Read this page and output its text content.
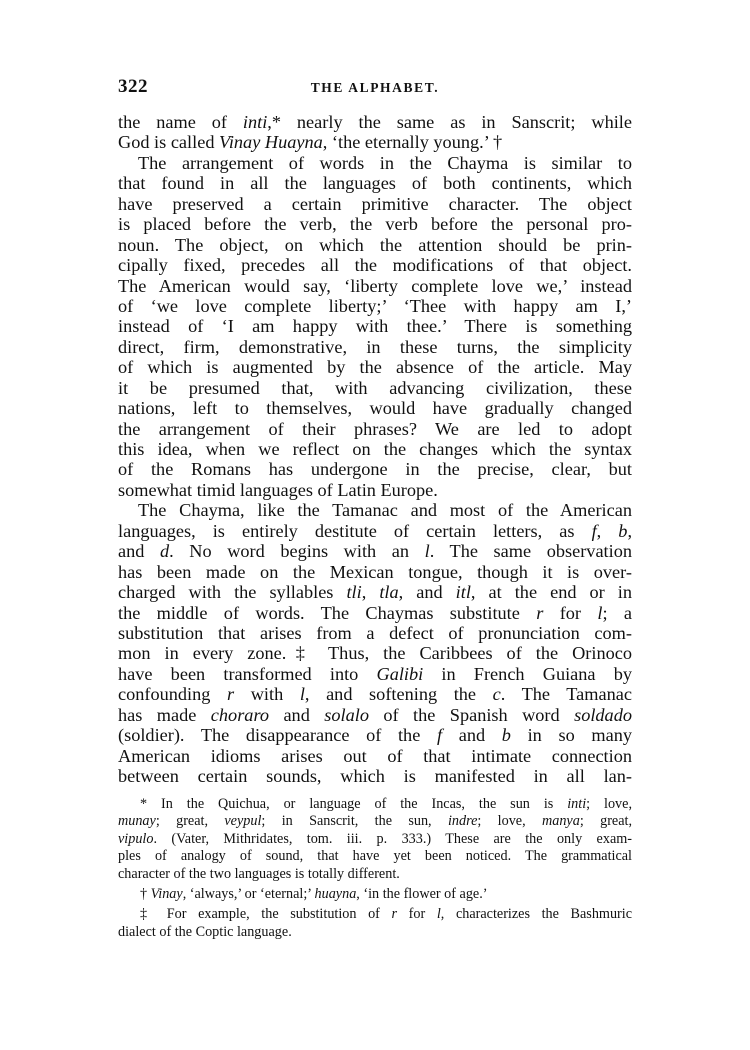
322	THE ALPHABET.
the name of inti,* nearly the same as in Sanscrit; while
God is called Vinay Huayna, ‘the eternally young.’ †
The arrangement of words in the Chayma is similar to
that found in all the languages of both continents, which
have preserved a certain primitive character. The object
is placed before the verb, the verb before the personal pro-
noun. The object, on which the attention should be prin-
cipally fixed, precedes all the modifications of that object.
The American would say, ‘liberty complete love we,’ instead
of ‘we love complete liberty;’ ‘Thee with happy am I,’
instead of ‘I am happy with thee.’ There is something
direct, firm, demonstrative, in these turns, the simplicity
of which is augmented by the absence of the article. May
it be presumed that, with advancing civilization, these
nations, left to themselves, would have gradually changed
the arrangement of their phrases? We are led to adopt
this idea, when we reflect on the changes which the syntax
of the Romans has undergone in the precise, clear, but
somewhat timid languages of Latin Europe.
The Chayma, like the Tamanac and most of the American
languages, is entirely destitute of certain letters, as f, b,
and d. No word begins with an l. The same observation
has been made on the Mexican tongue, though it is over-
charged with the syllables tli, tla, and itl, at the end or in
the middle of words. The Chaymas substitute r for l; a
substitution that arises from a defect of pronunciation com-
mon in every zone.‡ Thus, the Caribbees of the Orinoco
have been transformed into Galibi in French Guiana by
confounding r with l, and softening the c. The Tamanac
has made choraro and solalo of the Spanish word soldado
(soldier). The disappearance of the f and b in so many
American idioms arises out of that intimate connection
between certain sounds, which is manifested in all lan-
* In the Quichua, or language of the Incas, the sun is inti; love,
munay; great, veypul; in Sanscrit, the sun, indre; love, manya; great,
vipulo. (Vater, Mithridates, tom. iii. p. 333.) These are the only exam-
ples of analogy of sound, that have yet been noticed. The grammatical
character of the two languages is totally different.
† Vinay, ‘always,’ or ‘eternal;’ huayna, ‘in the flower of age.’
‡ For example, the substitution of r for l, characterizes the Bashmuric
dialect of the Coptic language.
